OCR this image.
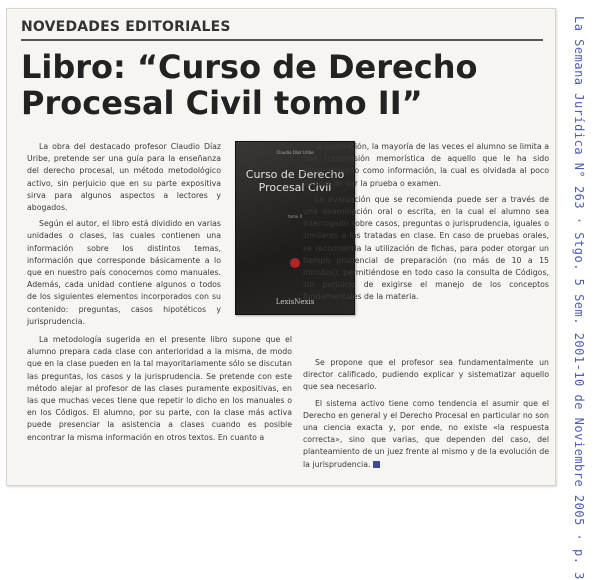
NOVEDADES EDITORIALES
Libro: “Curso de Derecho Procesal Civil tomo II”

La obra del destacado profesor Claudio Díaz Uribe, pretende ser una guía para la enseñanza del derecho procesal, un método metodológico activo, sin perjuicio que en su parte expositiva sirva para algunos aspectos a lectores y abogados.

Según el autor, el libro está dividido en varias unidades o clases, las cuales contienen una información sobre los distintos temas, información que corresponde básicamente a lo que en nuestro país conocemos como manuales. Además, cada unidad contiene algunos o todos de los siguientes elementos incorporados con su contenido: preguntas, casos hipotéticos y jurisprudencia.

Claudio Díaz Uribe
Curso de Derecho Procesal Civil
tomo II
LexisNexis

La metodología sugerida en el presente libro supone que el alumno prepara cada clase con anterioridad a la misma, de modo que en la clase pueden en la tal mayoritariamente sólo se discutan las preguntas, los casos y la jurisprudencia. Se pretende con este método alejar al profesor de las clases puramente expositivas, en las que muchas veces tiene que repetir lo dicho en los manuales o en los Códigos. El alumno, por su parte, con la clase más activa puede presenciar la asistencia a clases cuando es posible encontrar la misma información en otros textos. En cuanto a

la evaluación, la mayoría de las veces el alumno se limita a una transmisión memorística de aquello que le ha sido proporcionado como información, la cual es olvidada al poco tiempo de dar la prueba o examen.

La evaluación que se recomienda puede ser a través de una examinación oral o escrita, en la cual el alumno sea interrogado sobre casos, preguntas o jurisprudencia, iguales o similares a las tratadas en clase. En caso de pruebas orales, se recomienda la utilización de fichas, para poder otorgar un tiempo prudencial de preparación (no más de 10 a 15 minutos), permitiéndose en todo caso la consulta de Códigos, sin perjuicio de exigirse el manejo de los conceptos fundamentales de la materia.

Se propone que el profesor sea fundamentalmente un director calificado, pudiendo explicar y sistematizar aquello que sea necesario.

El sistema activo tiene como tendencia el asumir que el Derecho en general y el Derecho Procesal en particular no son una ciencia exacta y, por ende, no existe «la respuesta correcta», sino que varias, que dependen del caso, del planteamiento de un juez frente al mismo y de la evolución de la jurisprudencia.	La Semana Jurídica N° 263 · Stgo. 5 Sem. 2001-10 de Noviembre 2005 · p. 3
